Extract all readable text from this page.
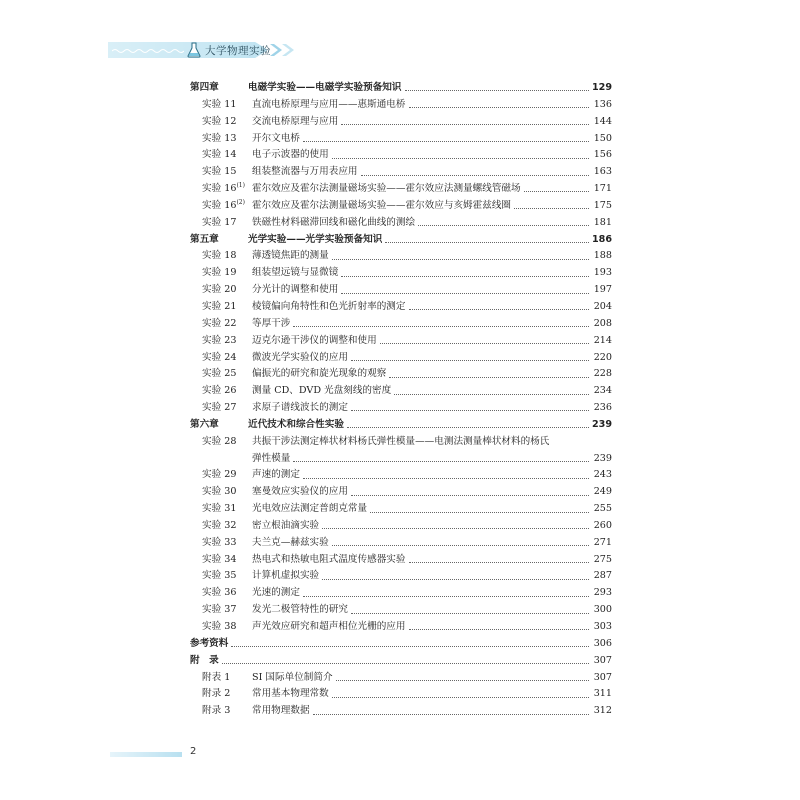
大学物理实验
第四章	电磁学实验——电磁学实验预备知识	129
实验 11	直流电桥原理与应用——惠斯通电桥	136
实验 12	交流电桥原理与应用	144
实验 13	开尔文电桥	150
实验 14	电子示波器的使用	156
实验 15	组装整流器与万用表应用	163
实验 16$^{(1)}$ 霍尔效应及霍尔法测量磁场实验——霍尔效应法测量螺线管磁场	171
实验 16$^{(2)}$ 霍尔效应及霍尔法测量磁场实验——霍尔效应与亥姆霍兹线圈	175
实验 17	铁磁性材料磁滞回线和磁化曲线的测绘	181
第五章	光学实验——光学实验预备知识	186
实验 18	薄透镜焦距的测量	188
实验 19	组装望远镜与显微镜	193
实验 20	分光计的调整和使用	197
实验 21	棱镜偏向角特性和色光折射率的测定	204
实验 22	等厚干涉	208
实验 23	迈克尔逊干涉仪的调整和使用	214
实验 24	微波光学实验仪的应用	220
实验 25	偏振光的研究和旋光现象的观察	228
实验 26	测量 CD、DVD 光盘刻线的密度	234
实验 27	求原子谱线波长的测定	236
第六章	近代技术和综合性实验	239
实验 28	共振干涉法测定棒状材料杨氏弹性模量——电测法测量棒状材料的杨氏
弹性模量	239
实验 29	声速的测定	243
实验 30	塞曼效应实验仪的应用	249
实验 31	光电效应法测定普朗克常量	255
实验 32	密立根油滴实验	260
实验 33	夫兰克—赫兹实验	271
实验 34	热电式和热敏电阻式温度传感器实验	275
实验 35	计算机虚拟实验	287
实验 36	光速的测定	293
实验 37	发光二极管特性的研究	300
实验 38	声光效应研究和超声相位光栅的应用	303
参考资料	306
附　录	307
附表 1	SI 国际单位制简介	307
附录 2	常用基本物理常数	311
附录 3	常用物理数据	312
2
